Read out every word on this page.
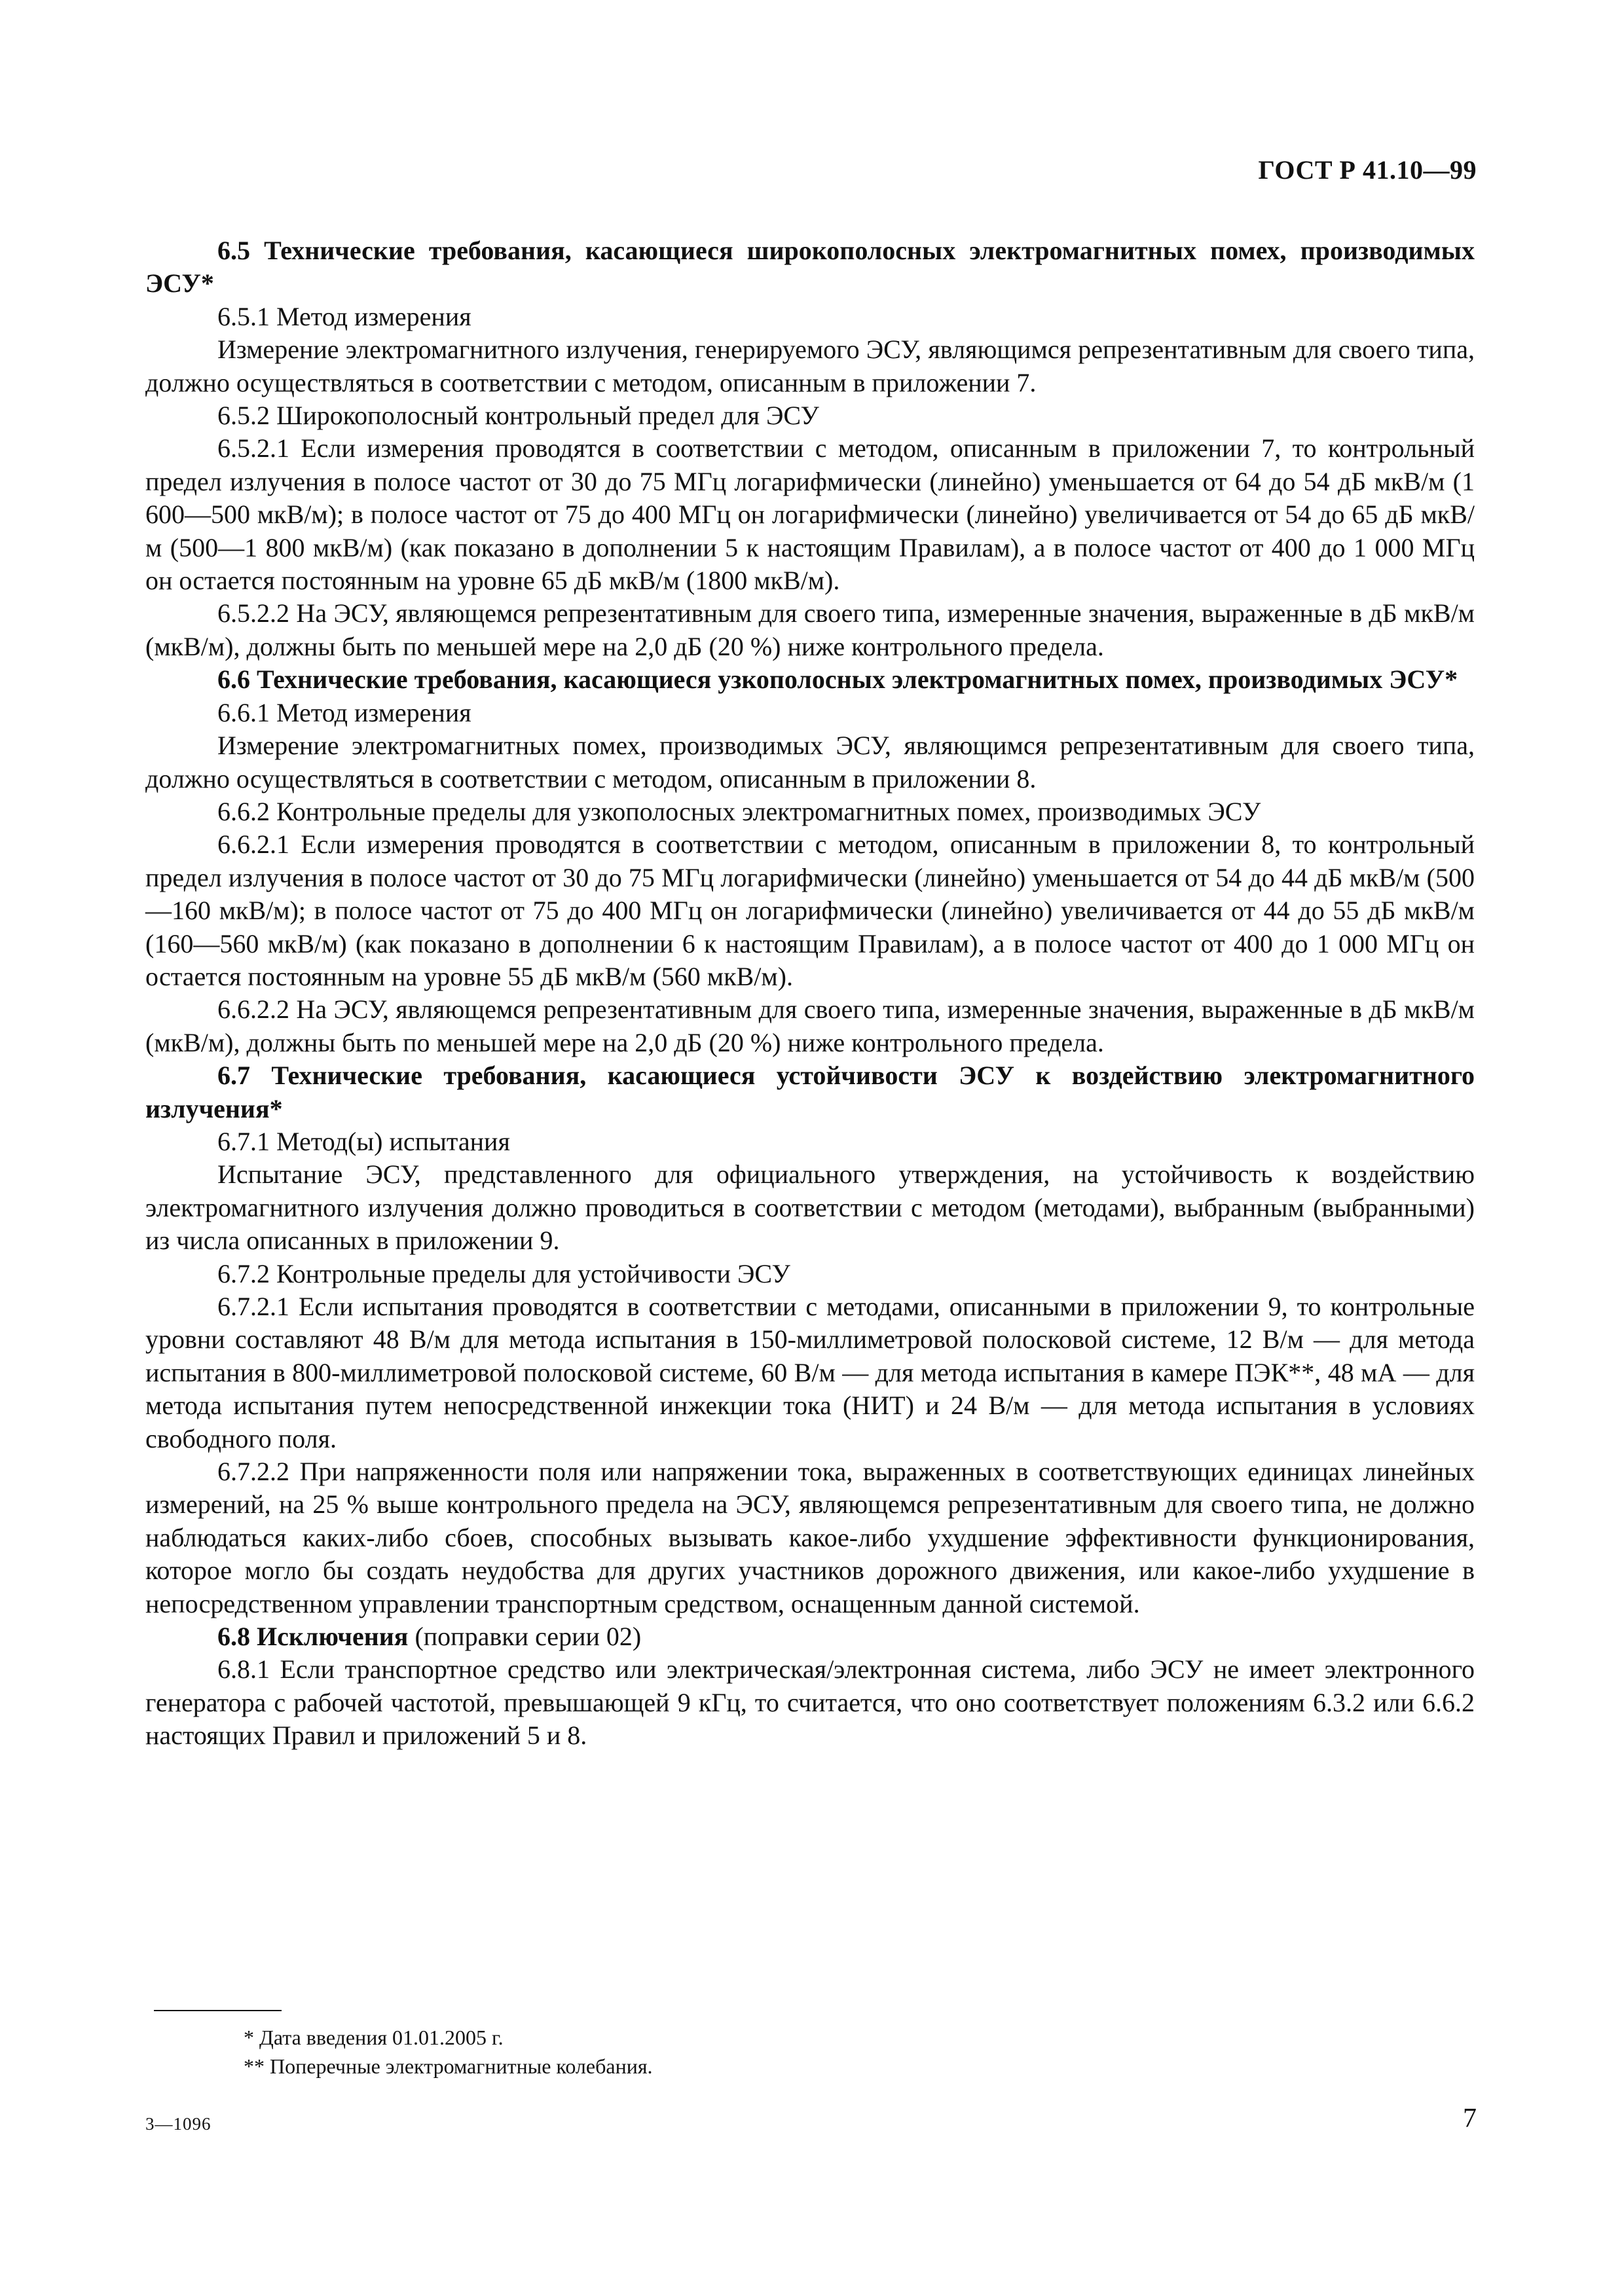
ГОСТ Р 41.10—99

6.5 Технические требования, касающиеся широкополосных электромагнитных помех, производимых ЭСУ*

6.5.1 Метод измерения

Измерение электромагнитного излучения, генерируемого ЭСУ, являющимся репрезентативным для своего типа, должно осуществляться в соответствии с методом, описанным в приложении 7.

6.5.2 Широкополосный контрольный предел для ЭСУ

6.5.2.1 Если измерения проводятся в соответствии с методом, описанным в приложении 7, то контрольный предел излучения в полосе частот от 30 до 75 МГц логарифмически (линейно) уменьшается от 64 до 54 дБ мкВ/м (1 600—500 мкВ/м); в полосе частот от 75 до 400 МГц он логарифмически (линейно) увеличивается от 54 до 65 дБ мкВ/м (500—1 800 мкВ/м) (как показано в дополнении 5 к настоящим Правилам), а в полосе частот от 400 до 1 000 МГц он остается постоянным на уровне 65 дБ мкВ/м (1800 мкВ/м).

6.5.2.2 На ЭСУ, являющемся репрезентативным для своего типа, измеренные значения, выраженные в дБ мкВ/м (мкВ/м), должны быть по меньшей мере на 2,0 дБ (20 %) ниже контрольного предела.

6.6 Технические требования, касающиеся узкополосных электромагнитных помех, производимых ЭСУ*

6.6.1 Метод измерения

Измерение электромагнитных помех, производимых ЭСУ, являющимся репрезентативным для своего типа, должно осуществляться в соответствии с методом, описанным в приложении 8.

6.6.2 Контрольные пределы для узкополосных электромагнитных помех, производимых ЭСУ

6.6.2.1 Если измерения проводятся в соответствии с методом, описанным в приложении 8, то контрольный предел излучения в полосе частот от 30 до 75 МГц логарифмически (линейно) уменьшается от 54 до 44 дБ мкВ/м (500—160 мкВ/м); в полосе частот от 75 до 400 МГц он логарифмически (линейно) увеличивается от 44 до 55 дБ мкВ/м (160—560 мкВ/м) (как показано в дополнении 6 к настоящим Правилам), а в полосе частот от 400 до 1 000 МГц он остается постоянным на уровне 55 дБ мкВ/м (560 мкВ/м).

6.6.2.2 На ЭСУ, являющемся репрезентативным для своего типа, измеренные значения, выраженные в дБ мкВ/м (мкВ/м), должны быть по меньшей мере на 2,0 дБ (20 %) ниже контрольного предела.

6.7 Технические требования, касающиеся устойчивости ЭСУ к воздействию электромагнитного излучения*

6.7.1 Метод(ы) испытания

Испытание ЭСУ, представленного для официального утверждения, на устойчивость к воздействию электромагнитного излучения должно проводиться в соответствии с методом (методами), выбранным (выбранными) из числа описанных в приложении 9.

6.7.2 Контрольные пределы для устойчивости ЭСУ

6.7.2.1 Если испытания проводятся в соответствии с методами, описанными в приложении 9, то контрольные уровни составляют 48 В/м для метода испытания в 150-миллиметровой полосковой системе, 12 В/м — для метода испытания в 800-миллиметровой полосковой системе, 60 В/м — для метода испытания в камере ПЭК**, 48 мА — для метода испытания путем непосредственной инжекции тока (НИТ) и 24 В/м — для метода испытания в условиях свободного поля.

6.7.2.2 При напряженности поля или напряжении тока, выраженных в соответствующих единицах линейных измерений, на 25 % выше контрольного предела на ЭСУ, являющемся репрезентативным для своего типа, не должно наблюдаться каких-либо сбоев, способных вызывать какое-либо ухудшение эффективности функционирования, которое могло бы создать неудобства для других участников дорожного движения, или какое-либо ухудшение в непосредственном управлении транспортным средством, оснащенным данной системой.

6.8 Исключения (поправки серии 02)

6.8.1 Если транспортное средство или электрическая/электронная система, либо ЭСУ не имеет электронного генератора с рабочей частотой, превышающей 9 кГц, то считается, что оно соответствует положениям 6.3.2 или 6.6.2 настоящих Правил и приложений 5 и 8.

* Дата введения 01.01.2005 г.
** Поперечные электромагнитные колебания.
3—1096	7
